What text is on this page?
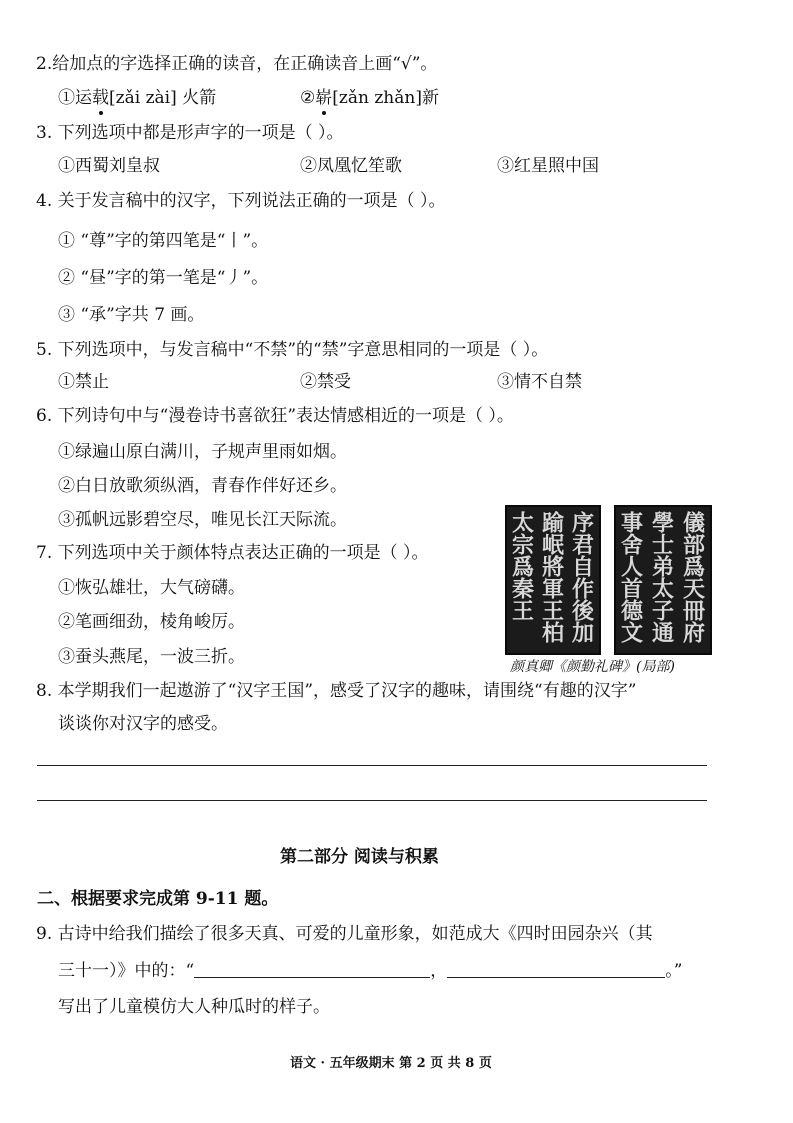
2.给加点的字选择正确的读音，在正确读音上画“√”。
①运载[zǎi zài] 火箭	②崭[zǎn zhǎn]新
3. 下列选项中都是形声字的一项是（ ）。
①西蜀刘皇叔	②凤凰忆笙歌	③红星照中国
4. 关于发言稿中的汉字，下列说法正确的一项是（ ）。
① “尊”字的第四笔是“丨”。
② “昼”字的第一笔是“丿”。
③ “承”字共 7 画。
5. 下列选项中，与发言稿中“不禁”的“禁”字意思相同的一项是（ ）。
①禁止	②禁受	③情不自禁
6. 下列诗句中与“漫卷诗书喜欲狂”表达情感相近的一项是（ ）。
①绿遍山原白满川，子规声里雨如烟。
②白日放歌须纵酒，青春作伴好还乡。
③孤帆远影碧空尽，唯见长江天际流。
7. 下列选项中关于颜体特点表达正确的一项是（ ）。
①恢弘雄壮，大气磅礴。
②笔画细劲，棱角峻厉。
③蚕头燕尾，一波三折。
序君自作後加
踰岷將軍王柏
太宗爲秦王	儀部爲天冊府
學士弟太子通
事舍人首德文
颜真卿《颜勤礼碑》(局部)
8. 本学期我们一起遨游了“汉字王国”，感受了汉字的趣味，请围绕“有趣的汉字”
谈谈你对汉字的感受。
第二部分 阅读与积累
二、根据要求完成第 9-11 题。
9. 古诗中给我们描绘了很多天真、可爱的儿童形象，如范成大《四时田园杂兴（其
三十一）》中的：“	，	。”
写出了儿童模仿大人种瓜时的样子。
语文 · 五年级期末 第 2 页 共 8 页
